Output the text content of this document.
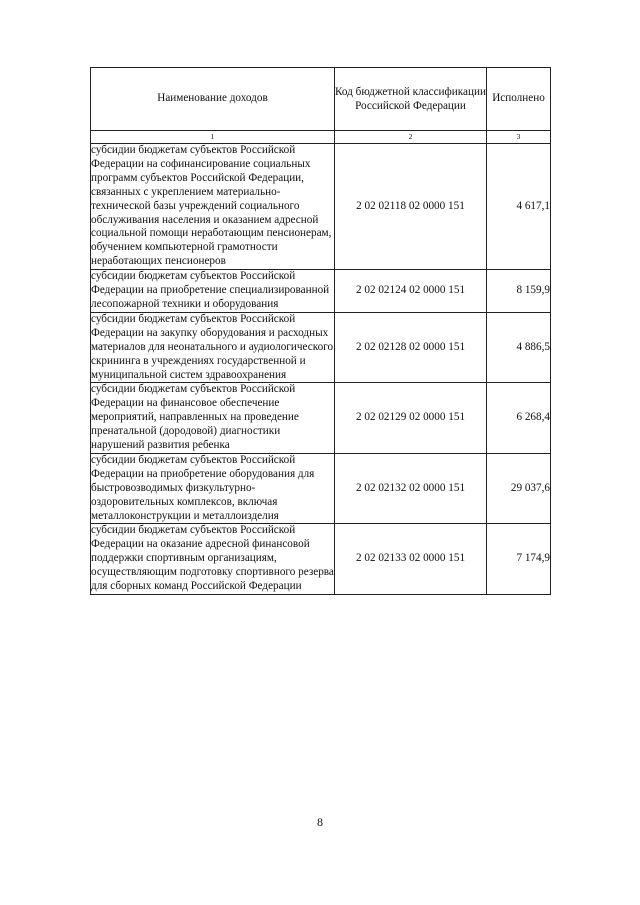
Наименование доходов	Код бюджетной классификации Российской Федерации	Исполнено
1	2	3
субсидии бюджетам субъектов Российской Федерации на софинансирование социальных программ субъектов Российской Федерации, связанных с укреплением материально-технической базы учреждений социального обслуживания населения и оказанием адресной социальной помощи неработающим пенсионерам, обучением компьютерной грамотности неработающих пенсионеров	2 02 02118 02 0000 151	4 617,1
субсидии бюджетам субъектов Российской Федерации на приобретение специализированной лесопожарной техники и оборудования	2 02 02124 02 0000 151	8 159,9
субсидии бюджетам субъектов Российской Федерации на закупку оборудования и расходных материалов для неонатального и аудиологического скрининга в учреждениях государственной и муниципальной систем здравоохранения	2 02 02128 02 0000 151	4 886,5
субсидии бюджетам субъектов Российской Федерации на финансовое обеспечение мероприятий, направленных на проведение пренатальной (дородовой) диагностики нарушений развития ребенка	2 02 02129 02 0000 151	6 268,4
субсидии бюджетам субъектов Российской Федерации на приобретение оборудования для быстровозводимых физкультурно-оздоровительных комплексов, включая металлоконструкции и металлоизделия	2 02 02132 02 0000 151	29 037,6
субсидии бюджетам субъектов Российской Федерации на оказание адресной финансовой поддержки спортивным организациям, осуществляющим подготовку спортивного резерва для сборных команд Российской Федерации	2 02 02133 02 0000 151	7 174,9
8
